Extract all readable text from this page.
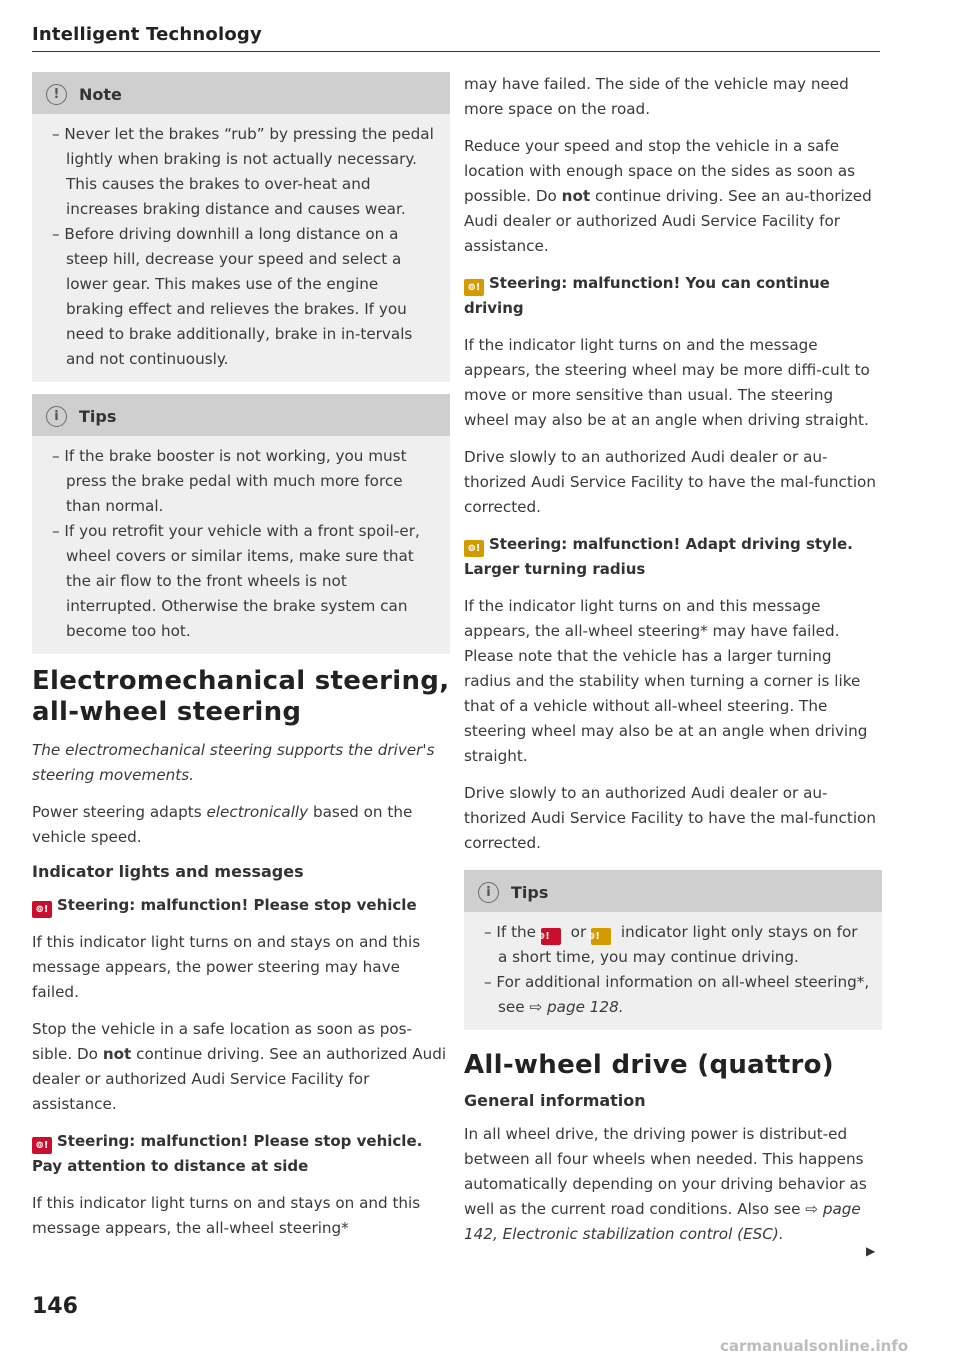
Intelligent Technology
!	Note
– Never let the brakes “rub” by pressing the pedal lightly when braking is not actually necessary. This causes the brakes to over-heat and increases braking distance and causes wear.
– Before driving downhill a long distance on a steep hill, decrease your speed and select a lower gear. This makes use of the engine braking effect and relieves the brakes. If you need to brake additionally, brake in in-tervals and not continuously.
i	Tips
– If the brake booster is not working, you must press the brake pedal with much more force than normal.
– If you retrofit your vehicle with a front spoil-er, wheel covers or similar items, make sure that the air flow to the front wheels is not interrupted. Otherwise the brake system can become too hot.
Electromechanical steering, all-wheel steering

The electromechanical steering supports the driver's steering movements.

Power steering adapts electronically based on the vehicle speed.

Indicator lights and messages
⊚! Steering: malfunction! Please stop vehicle

If this indicator light turns on and stays on and this message appears, the power steering may have failed.

Stop the vehicle in a safe location as soon as pos-sible. Do not continue driving. See an authorized Audi dealer or authorized Audi Service Facility for assistance.

⊚! Steering: malfunction! Please stop vehicle. Pay attention to distance at side

If this indicator light turns on and stays on and this message appears, the all-wheel steering*

may have failed. The side of the vehicle may need more space on the road.

Reduce your speed and stop the vehicle in a safe location with enough space on the sides as soon as possible. Do not continue driving. See an au-thorized Audi dealer or authorized Audi Service Facility for assistance.

⊚! Steering: malfunction! You can continue driving

If the indicator light turns on and the message appears, the steering wheel may be more diffi-cult to move or more sensitive than usual. The steering wheel may also be at an angle when driving straight.

Drive slowly to an authorized Audi dealer or au-thorized Audi Service Facility to have the mal-function corrected.

⊚! Steering: malfunction! Adapt driving style. Larger turning radius

If the indicator light turns on and this message appears, the all-wheel steering* may have failed. Please note that the vehicle has a larger turning radius and the stability when turning a corner is like that of a vehicle without all-wheel steering. The steering wheel may also be at an angle when driving straight.

Drive slowly to an authorized Audi dealer or au-thorized Audi Service Facility to have the mal-function corrected.

i	Tips
– If the ⊚! or ⊚! indicator light only stays on for a short time, you may continue driving.
– For additional information on all-wheel steering*, see ⇨ page 128.
All-wheel drive (quattro)
General information

In all wheel drive, the driving power is distribut-ed between all four wheels when needed. This happens automatically depending on your driving behavior as well as the current road conditions. Also see ⇨ page 142, Electronic stabilization control (ESC).

▶
146
carmanualsonline.info
